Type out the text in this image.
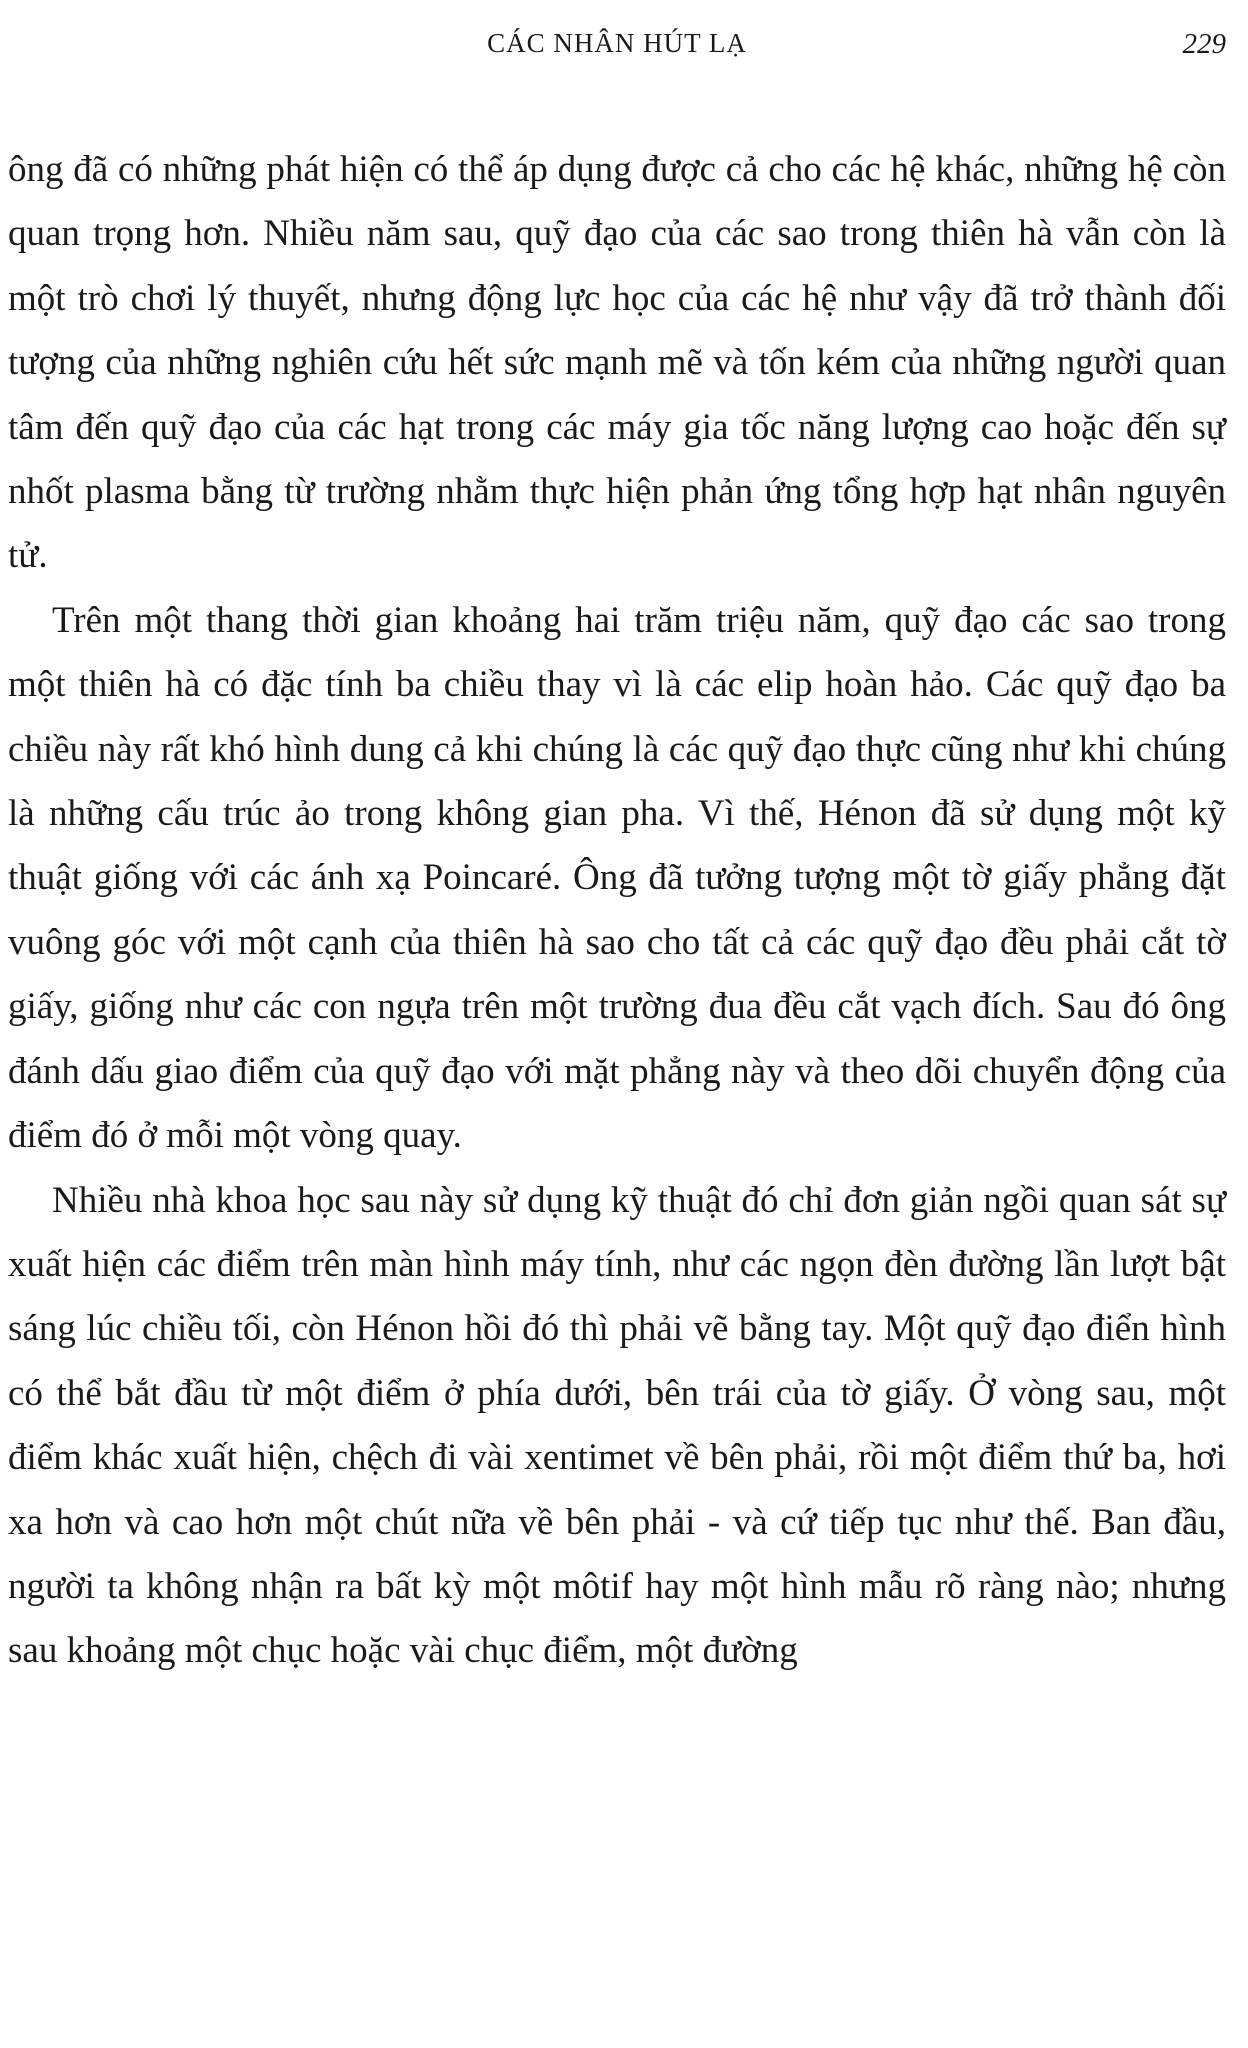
CÁC NHÂN HÚT LẠ	229

ông đã có những phát hiện có thể áp dụng được cả cho các hệ khác, những hệ còn quan trọng hơn. Nhiều năm sau, quỹ đạo của các sao trong thiên hà vẫn còn là một trò chơi lý thuyết, nhưng động lực học của các hệ như vậy đã trở thành đối tượng của những nghiên cứu hết sức mạnh mẽ và tốn kém của những người quan tâm đến quỹ đạo của các hạt trong các máy gia tốc năng lượng cao hoặc đến sự nhốt plasma bằng từ trường nhằm thực hiện phản ứng tổng hợp hạt nhân nguyên tử.

Trên một thang thời gian khoảng hai trăm triệu năm, quỹ đạo các sao trong một thiên hà có đặc tính ba chiều thay vì là các elip hoàn hảo. Các quỹ đạo ba chiều này rất khó hình dung cả khi chúng là các quỹ đạo thực cũng như khi chúng là những cấu trúc ảo trong không gian pha. Vì thế, Hénon đã sử dụng một kỹ thuật giống với các ánh xạ Poincaré. Ông đã tưởng tượng một tờ giấy phẳng đặt vuông góc với một cạnh của thiên hà sao cho tất cả các quỹ đạo đều phải cắt tờ giấy, giống như các con ngựa trên một trường đua đều cắt vạch đích. Sau đó ông đánh dấu giao điểm của quỹ đạo với mặt phẳng này và theo dõi chuyển động của điểm đó ở mỗi một vòng quay.

Nhiều nhà khoa học sau này sử dụng kỹ thuật đó chỉ đơn giản ngồi quan sát sự xuất hiện các điểm trên màn hình máy tính, như các ngọn đèn đường lần lượt bật sáng lúc chiều tối, còn Hénon hồi đó thì phải vẽ bằng tay. Một quỹ đạo điển hình có thể bắt đầu từ một điểm ở phía dưới, bên trái của tờ giấy. Ở vòng sau, một điểm khác xuất hiện, chệch đi vài xentimet về bên phải, rồi một điểm thứ ba, hơi xa hơn và cao hơn một chút nữa về bên phải - và cứ tiếp tục như thế. Ban đầu, người ta không nhận ra bất kỳ một môtif hay một hình mẫu rõ ràng nào; nhưng sau khoảng một chục hoặc vài chục điểm, một đường
